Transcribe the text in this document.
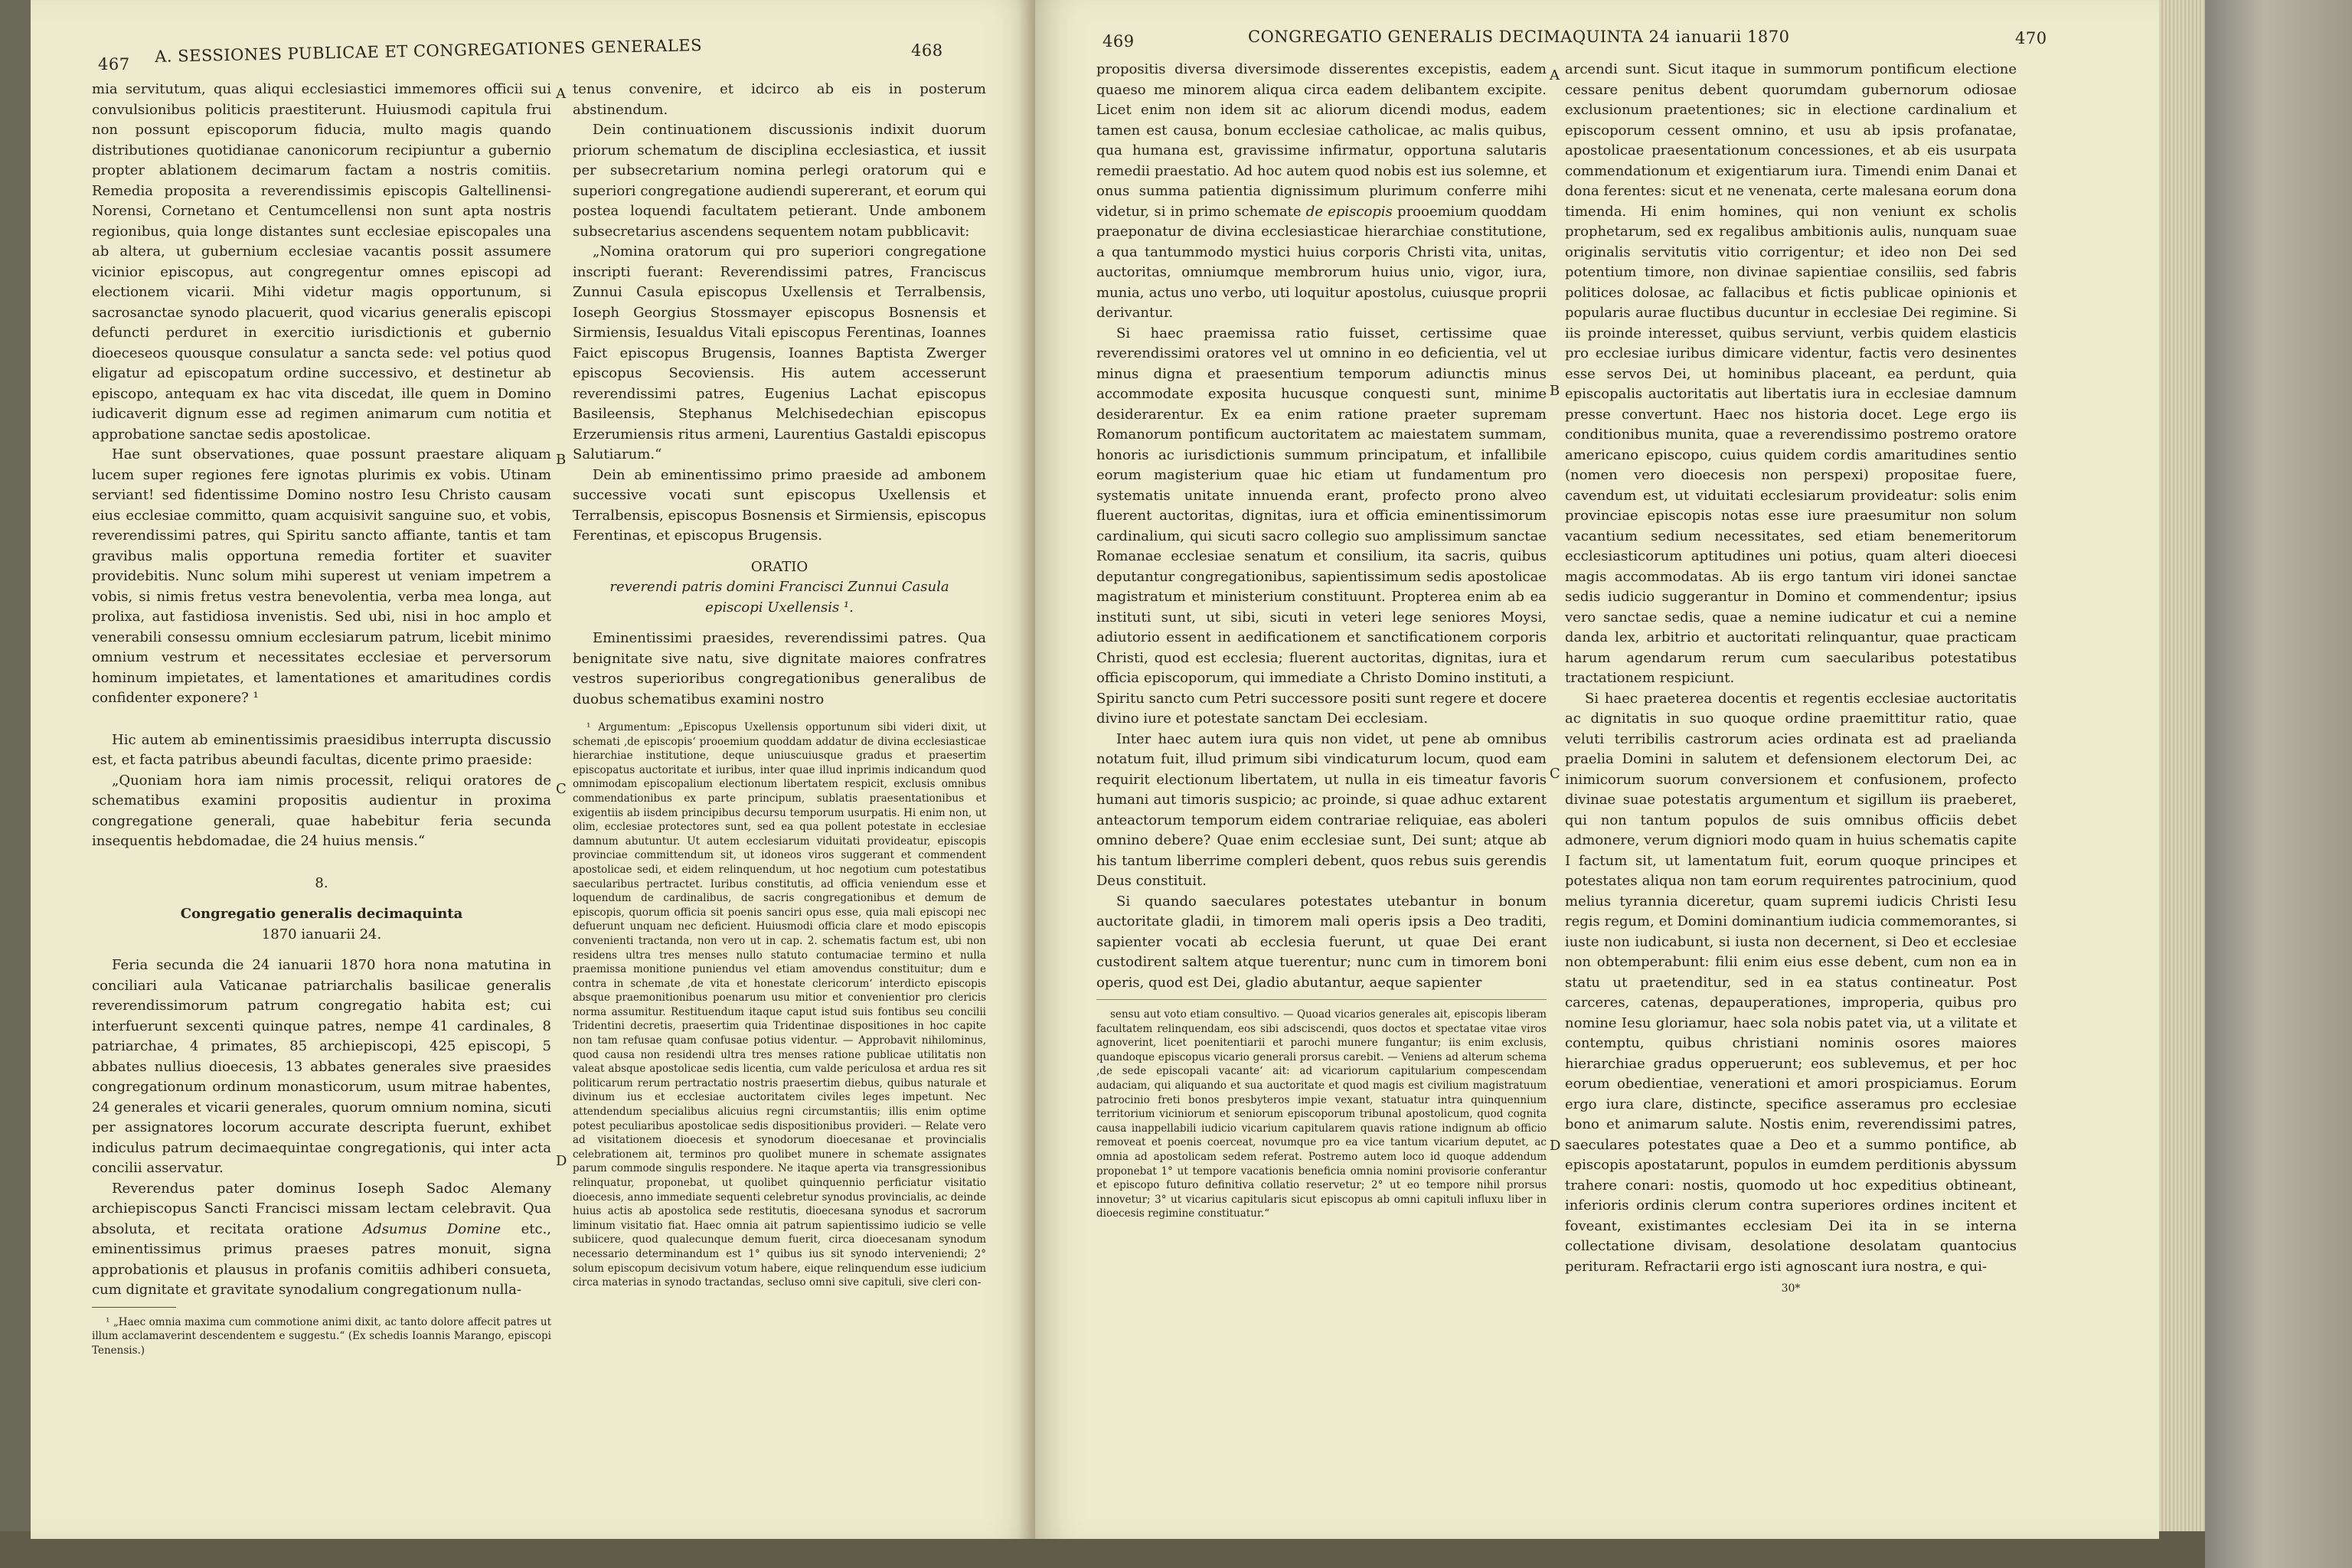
467 A. SESSIONES PUBLICAE ET CONGREGATIONES GENERALES	468

mia servitutum, quas aliqui ecclesiastici immemores officii sui convulsionibus politicis praestiterunt. Huiusmodi capitula frui non possunt episcoporum fiducia, multo magis quando distributiones quotidianae canonicorum recipiuntur a gubernio propter ablationem decimarum factam a nostris comitiis. Remedia proposita a reverendissimis episcopis Galtellinensi-Norensi, Cornetano et Centumcellensi non sunt apta nostris regionibus, quia longe distantes sunt ecclesiae episcopales una ab altera, ut gubernium ecclesiae vacantis possit assumere vicinior episcopus, aut congregentur omnes episcopi ad electionem vicarii. Mihi videtur magis opportunum, si sacrosanctae synodo placuerit, quod vicarius generalis episcopi defuncti perduret in exercitio iurisdictionis et gubernio dioeceseos quousque consulatur a sancta sede: vel potius quod eligatur ad episcopatum ordine successivo, et destinetur ab episcopo, antequam ex hac vita discedat, ille quem in Domino iudicaverit dignum esse ad regimen animarum cum notitia et approbatione sanctae sedis apostolicae.

Hae sunt observationes, quae possunt praestare aliquam lucem super regiones fere ignotas plurimis ex vobis. Utinam serviant! sed fidentissime Domino nostro Iesu Christo causam eius ecclesiae committo, quam acquisivit sanguine suo, et vobis, reverendissimi patres, qui Spiritu sancto affiante, tantis et tam gravibus malis opportuna remedia fortiter et suaviter providebitis. Nunc solum mihi superest ut veniam impetrem a vobis, si nimis fretus vestra benevolentia, verba mea longa, aut prolixa, aut fastidiosa invenistis. Sed ubi, nisi in hoc amplo et venerabili consessu omnium ecclesiarum patrum, licebit minimo omnium vestrum et necessitates ecclesiae et perversorum hominum impietates, et lamentationes et amaritudines cordis confidenter exponere? ¹

Hic autem ab eminentissimis praesidibus interrupta discussio est, et facta patribus abeundi facultas, dicente primo praeside:

„Quoniam hora iam nimis processit, reliqui oratores de schematibus examini propositis audientur in proxima congregatione generali, quae habebitur feria secunda insequentis hebdomadae, die 24 huius mensis.“

8.

Congregatio generalis decimaquinta

1870 ianuarii 24.

Feria secunda die 24 ianuarii 1870 hora nona matutina in conciliari aula Vaticanae patriarchalis basilicae generalis reverendissimorum patrum congregatio habita est; cui interfuerunt sexcenti quinque patres, nempe 41 cardinales, 8 patriarchae, 4 primates, 85 archiepiscopi, 425 episcopi, 5 abbates nullius dioecesis, 13 abbates generales sive praesides congregationum ordinum monasticorum, usum mitrae habentes, 24 generales et vicarii generales, quorum omnium nomina, sicuti per assignatores locorum accurate descripta fuerunt, exhibet indiculus patrum decimaequintae congregationis, qui inter acta concilii asservatur.

Reverendus pater dominus Ioseph Sadoc Alemany archiepiscopus Sancti Francisci missam lectam celebravit. Qua absoluta, et recitata oratione Adsumus Domine etc., eminentissimus primus praeses patres monuit, signa approbationis et plausus in profanis comitiis adhiberi consueta, cum dignitate et gravitate synodalium congregationum nulla-

¹ „Haec omnia maxima cum commotione animi dixit, ac tanto dolore affecit patres ut illum acclamaverint descendentem e suggestu.“ (Ex schedis Ioannis Marango, episcopi Tenensis.)

A
B
C
D

tenus convenire, et idcirco ab eis in posterum abstinendum.

Dein continuationem discussionis indixit duorum priorum schematum de disciplina ecclesiastica, et iussit per subsecretarium nomina perlegi oratorum qui e superiori congregatione audiendi supererant, et eorum qui postea loquendi facultatem petierant. Unde ambonem subsecretarius ascendens sequentem notam pubblicavit:

„Nomina oratorum qui pro superiori congregatione inscripti fuerant: Reverendissimi patres, Franciscus Zunnui Casula episcopus Uxellensis et Terralbensis, Ioseph Georgius Stossmayer episcopus Bosnensis et Sirmiensis, Iesualdus Vitali episcopus Ferentinas, Ioannes Faict episcopus Brugensis, Ioannes Baptista Zwerger episcopus Secoviensis. His autem accesserunt reverendissimi patres, Eugenius Lachat episcopus Basileensis, Stephanus Melchisedechian episcopus Erzerumiensis ritus armeni, Laurentius Gastaldi episcopus Salutiarum.“

Dein ab eminentissimo primo praeside ad ambonem successive vocati sunt episcopus Uxellensis et Terralbensis, episcopus Bosnensis et Sirmiensis, episcopus Ferentinas, et episcopus Brugensis.

ORATIO

reverendi patris domini Francisci Zunnui Casula

episcopi Uxellensis ¹.

Eminentissimi praesides, reverendissimi patres. Qua benignitate sive natu, sive dignitate maiores confratres vestros superioribus congregationibus generalibus de duobus schematibus examini nostro

¹ Argumentum: „Episcopus Uxellensis opportunum sibi videri dixit, ut schemati ‚de episcopis‘ prooemium quoddam addatur de divina ecclesiasticae hierarchiae institutione, deque uniuscuiusque gradus et praesertim episcopatus auctoritate et iuribus, inter quae illud inprimis indicandum quod omnimodam episcopalium electionum libertatem respicit, exclusis omnibus commendationibus ex parte principum, sublatis praesentationibus et exigentiis ab iisdem principibus decursu temporum usurpatis. Hi enim non, ut olim, ecclesiae protectores sunt, sed ea qua pollent potestate in ecclesiae damnum abutuntur. Ut autem ecclesiarum viduitati provideatur, episcopis provinciae committendum sit, ut idoneos viros suggerant et commendent apostolicae sedi, et eidem relinquendum, ut hoc negotium cum potestatibus saecularibus pertractet. Iuribus constitutis, ad officia veniendum esse et loquendum de cardinalibus, de sacris congregationibus et demum de episcopis, quorum officia sit poenis sanciri opus esse, quia mali episcopi nec defuerunt unquam nec deficient. Huiusmodi officia clare et modo episcopis convenienti tractanda, non vero ut in cap. 2. schematis factum est, ubi non residens ultra tres menses nullo statuto contumaciae termino et nulla praemissa monitione puniendus vel etiam amovendus constituitur; dum e contra in schemate ‚de vita et honestate clericorum‘ interdicto episcopis absque praemonitionibus poenarum usu mitior et convenientior pro clericis norma assumitur. Restituendum itaque caput istud suis fontibus seu concilii Tridentini decretis, praesertim quia Tridentinae dispositiones in hoc capite non tam refusae quam confusae potius videntur. — Approbavit nihilominus, quod causa non residendi ultra tres menses ratione publicae utilitatis non valeat absque apostolicae sedis licentia, cum valde periculosa et ardua res sit politicarum rerum pertractatio nostris praesertim diebus, quibus naturale et divinum ius et ecclesiae auctoritatem civiles leges impetunt. Nec attendendum specialibus alicuius regni circumstantiis; illis enim optime potest peculiaribus apostolicae sedis dispositionibus provideri. — Relate vero ad visitationem dioecesis et synodorum dioecesanae et provincialis celebrationem ait, terminos pro quolibet munere in schemate assignates parum commode singulis respondere. Ne itaque aperta via transgressionibus relinquatur, proponebat, ut quolibet quinquennio perficiatur visitatio dioecesis, anno immediate sequenti celebretur synodus provincialis, ac deinde huius actis ab apostolica sede restitutis, dioecesana synodus et sacrorum liminum visitatio fiat. Haec omnia ait patrum sapientissimo iudicio se velle subiicere, quod qualecunque demum fuerit, circa dioecesanam synodum necessario determinandum est 1° quibus ius sit synodo interveniendi; 2° solum episcopum decisivum votum habere, eique relinquendum esse iudicium circa materias in synodo tractandas, secluso omni sive capituli, sive cleri con-

469	CONGREGATIO GENERALIS DECIMAQUINTA 24 ianuarii 1870	470

propositis diversa diversimode disserentes excepistis, eadem quaeso me minorem aliqua circa eadem delibantem excipite. Licet enim non idem sit ac aliorum dicendi modus, eadem tamen est causa, bonum ecclesiae catholicae, ac malis quibus, qua humana est, gravissime infirmatur, opportuna salutaris remedii praestatio. Ad hoc autem quod nobis est ius solemne, et onus summa patientia dignissimum plurimum conferre mihi videtur, si in primo schemate de episcopis prooemium quoddam praeponatur de divina ecclesiasticae hierarchiae constitutione, a qua tantummodo mystici huius corporis Christi vita, unitas, auctoritas, omniumque membrorum huius unio, vigor, iura, munia, actus uno verbo, uti loquitur apostolus, cuiusque proprii derivantur.

Si haec praemissa ratio fuisset, certissime quae reverendissimi oratores vel ut omnino in eo deficientia, vel ut minus digna et praesentium temporum adiunctis minus accommodate exposita hucusque conquesti sunt, minime desiderarentur. Ex ea enim ratione praeter supremam Romanorum pontificum auctoritatem ac maiestatem summam, honoris ac iurisdictionis summum principatum, et infallibile eorum magisterium quae hic etiam ut fundamentum pro systematis unitate innuenda erant, profecto prono alveo fluerent auctoritas, dignitas, iura et officia eminentissimorum cardinalium, qui sicuti sacro collegio suo amplissimum sanctae Romanae ecclesiae senatum et consilium, ita sacris, quibus deputantur congregationibus, sapientissimum sedis apostolicae magistratum et ministerium constituunt. Propterea enim ab ea instituti sunt, ut sibi, sicuti in veteri lege seniores Moysi, adiutorio essent in aedificationem et sanctificationem corporis Christi, quod est ecclesia; fluerent auctoritas, dignitas, iura et officia episcoporum, qui immediate a Christo Domino instituti, a Spiritu sancto cum Petri successore positi sunt regere et docere divino iure et potestate sanctam Dei ecclesiam.

Inter haec autem iura quis non videt, ut pene ab omnibus notatum fuit, illud primum sibi vindicaturum locum, quod eam requirit electionum libertatem, ut nulla in eis timeatur favoris humani aut timoris suspicio; ac proinde, si quae adhuc extarent anteactorum temporum eidem contrariae reliquiae, eas aboleri omnino debere? Quae enim ecclesiae sunt, Dei sunt; atque ab his tantum liberrime compleri debent, quos rebus suis gerendis Deus constituit.

Si quando saeculares potestates utebantur in bonum auctoritate gladii, in timorem mali operis ipsis a Deo traditi, sapienter vocati ab ecclesia fuerunt, ut quae Dei erant custodirent saltem atque tuerentur; nunc cum in timorem boni operis, quod est Dei, gladio abutantur, aeque sapienter

sensu aut voto etiam consultivo. — Quoad vicarios generales ait, episcopis liberam facultatem relinquendam, eos sibi adsciscendi, quos doctos et spectatae vitae viros agnoverint, licet poenitentiarii et parochi munere fungantur; iis enim exclusis, quandoque episcopus vicario generali prorsus carebit. — Veniens ad alterum schema ‚de sede episcopali vacante‘ ait: ad vicariorum capitularium compescendam audaciam, qui aliquando et sua auctoritate et quod magis est civilium magistratuum patrocinio freti bonos presbyteros impie vexant, statuatur intra quinquennium territorium viciniorum et seniorum episcoporum tribunal apostolicum, quod cognita causa inappellabili iudicio vicarium capitularem quavis ratione indignum ab officio removeat et poenis coerceat, novumque pro ea vice tantum vicarium deputet, ac omnia ad apostolicam sedem referat. Postremo autem loco id quoque addendum proponebat 1° ut tempore vacationis beneficia omnia nomini provisorie conferantur et episcopo futuro definitiva collatio reservetur; 2° ut eo tempore nihil prorsus innovetur; 3° ut vicarius capitularis sicut episcopus ab omni capituli influxu liber in dioecesis regimine constituatur.“

A
B
C
D

arcendi sunt. Sicut itaque in summorum pontificum electione cessare penitus debent quorumdam gubernorum odiosae exclusionum praetentiones; sic in electione cardinalium et episcoporum cessent omnino, et usu ab ipsis profanatae, apostolicae praesentationum concessiones, et ab eis usurpata commendationum et exigentiarum iura. Timendi enim Danai et dona ferentes: sicut et ne venenata, certe malesana eorum dona timenda. Hi enim homines, qui non veniunt ex scholis prophetarum, sed ex regalibus ambitionis aulis, nunquam suae originalis servitutis vitio corrigentur; et ideo non Dei sed potentium timore, non divinae sapientiae consiliis, sed fabris politices dolosae, ac fallacibus et fictis publicae opinionis et popularis aurae fluctibus ducuntur in ecclesiae Dei regimine. Si iis proinde interesset, quibus serviunt, verbis quidem elasticis pro ecclesiae iuribus dimicare videntur, factis vero desinentes esse servos Dei, ut hominibus placeant, ea perdunt, quia episcopalis auctoritatis aut libertatis iura in ecclesiae damnum presse convertunt. Haec nos historia docet. Lege ergo iis conditionibus munita, quae a reverendissimo postremo oratore americano episcopo, cuius quidem cordis amaritudines sentio (nomen vero dioecesis non perspexi) propositae fuere, cavendum est, ut viduitati ecclesiarum provideatur: solis enim provinciae episcopis notas esse iure praesumitur non solum vacantium sedium necessitates, sed etiam benemeritorum ecclesiasticorum aptitudines uni potius, quam alteri dioecesi magis accommodatas. Ab iis ergo tantum viri idonei sanctae sedis iudicio suggerantur in Domino et commendentur; ipsius vero sanctae sedis, quae a nemine iudicatur et cui a nemine danda lex, arbitrio et auctoritati relinquantur, quae practicam harum agendarum rerum cum saecularibus potestatibus tractationem respiciunt.

Si haec praeterea docentis et regentis ecclesiae auctoritatis ac dignitatis in suo quoque ordine praemittitur ratio, quae veluti terribilis castrorum acies ordinata est ad praelianda praelia Domini in salutem et defensionem electorum Dei, ac inimicorum suorum conversionem et confusionem, profecto divinae suae potestatis argumentum et sigillum iis praeberet, qui non tantum populos de suis omnibus officiis debet admonere, verum digniori modo quam in huius schematis capite I factum sit, ut lamentatum fuit, eorum quoque principes et potestates aliqua non tam eorum requirentes patrocinium, quod melius tyrannia diceretur, quam supremi iudicis Christi Iesu regis regum, et Domini dominantium iudicia commemorantes, si iuste non iudicabunt, si iusta non decernent, si Deo et ecclesiae non obtemperabunt: filii enim eius esse debent, cum non ea in statu ut praetenditur, sed in ea status contineatur. Post carceres, catenas, depauperationes, improperia, quibus pro nomine Iesu gloriamur, haec sola nobis patet via, ut a vilitate et contemptu, quibus christiani nominis osores maiores hierarchiae gradus opperuerunt; eos sublevemus, et per hoc eorum obedientiae, venerationi et amori prospiciamus. Eorum ergo iura clare, distincte, specifice asseramus pro ecclesiae bono et animarum salute. Nostis enim, reverendissimi patres, saeculares potestates quae a Deo et a summo pontifice, ab episcopis apostatarunt, populos in eumdem perditionis abyssum trahere conari: nostis, quomodo ut hoc expeditius obtineant, inferioris ordinis clerum contra superiores ordines incitent et foveant, existimantes ecclesiam Dei ita in se interna collectatione divisam, desolatione desolatam quantocius perituram. Refractarii ergo isti agnoscant iura nostra, e qui-

30*
